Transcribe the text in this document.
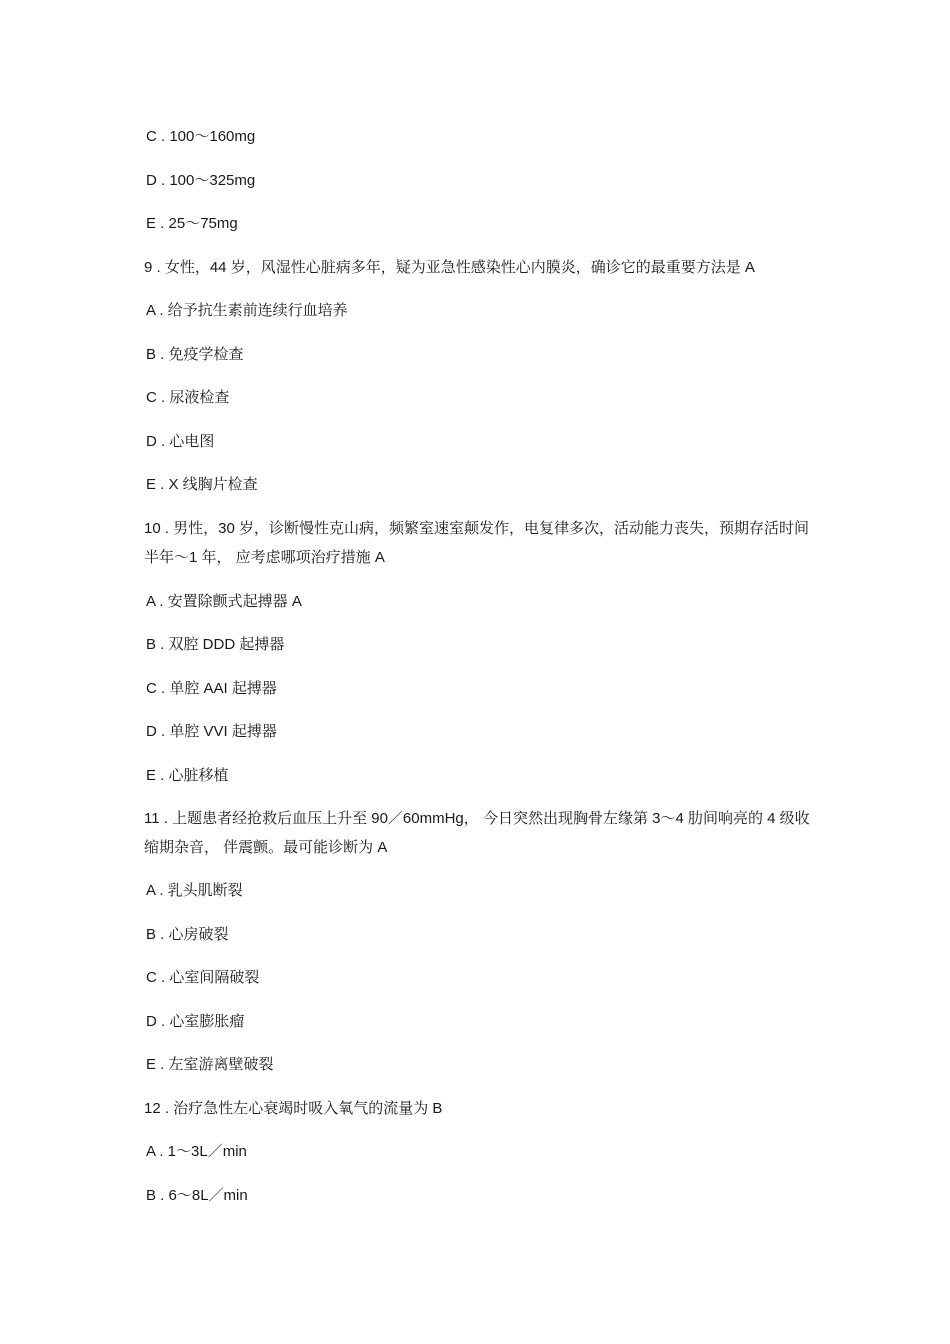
C . 100～160mg
D . 100～325mg
E . 25～75mg
9 . 女性，44 岁，风湿性心脏病多年，疑为亚急性感染性心内膜炎，确诊它的最重要方法是 A
A . 给予抗生素前连续行血培养
B . 免疫学检查
C . 尿液检查
D . 心电图
E . X 线胸片检查
10 . 男性，30 岁，诊断慢性克山病，频繁室速室颠发作，电复律多次，活动能力丧失，预期存活时间半年～1 年， 应考虑哪项治疗措施 A
A . 安置除颤式起搏器 A
B . 双腔 DDD 起搏器
C . 单腔 AAI 起搏器
D . 单腔 VVI 起搏器
E . 心脏移植
11 . 上题患者经抢救后血压上升至 90／60mmHg， 今日突然出现胸骨左缘第 3～4 肋间响亮的 4 级收缩期杂音， 伴震颤。最可能诊断为 A
A . 乳头肌断裂
B . 心房破裂
C . 心室间隔破裂
D . 心室膨胀瘤
E . 左室游离壁破裂
12 . 治疗急性左心衰竭时吸入氧气的流量为 B
A . 1～3L／min
B . 6～8L／min
